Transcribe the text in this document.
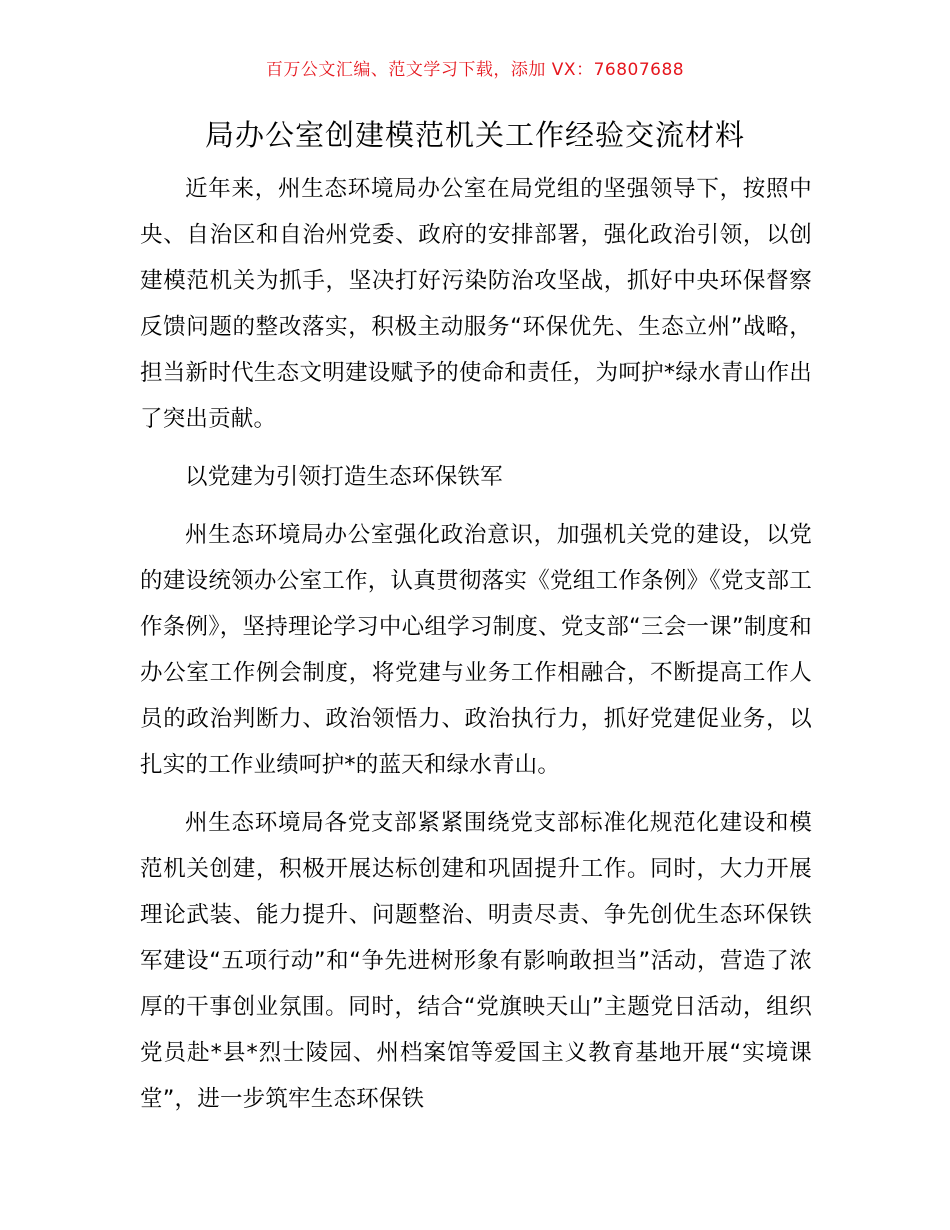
百万公文汇编、范文学习下载，添加 VX：76807688
局办公室创建模范机关工作经验交流材料

近年来，州生态环境局办公室在局党组的坚强领导下，按照中央、自治区和自治州党委、政府的安排部署，强化政治引领，以创建模范机关为抓手，坚决打好污染防治攻坚战，抓好中央环保督察反馈问题的整改落实，积极主动服务“环保优先、生态立州”战略，担当新时代生态文明建设赋予的使命和责任，为呵护*绿水青山作出了突出贡献。

以党建为引领打造生态环保铁军

州生态环境局办公室强化政治意识，加强机关党的建设，以党的建设统领办公室工作，认真贯彻落实《党组工作条例》《党支部工作条例》，坚持理论学习中心组学习制度、党支部“三会一课”制度和办公室工作例会制度，将党建与业务工作相融合，不断提高工作人员的政治判断力、政治领悟力、政治执行力，抓好党建促业务，以扎实的工作业绩呵护*的蓝天和绿水青山。

州生态环境局各党支部紧紧围绕党支部标准化规范化建设和模范机关创建，积极开展达标创建和巩固提升工作。同时，大力开展理论武装、能力提升、问题整治、明责尽责、争先创优生态环保铁军建设“五项行动”和“争先进树形象有影响敢担当”活动，营造了浓厚的干事创业氛围。同时，结合“党旗映天山”主题党日活动，组织党员赴*县*烈士陵园、州档案馆等爱国主义教育基地开展“实境课堂”，进一步筑牢生态环保铁
